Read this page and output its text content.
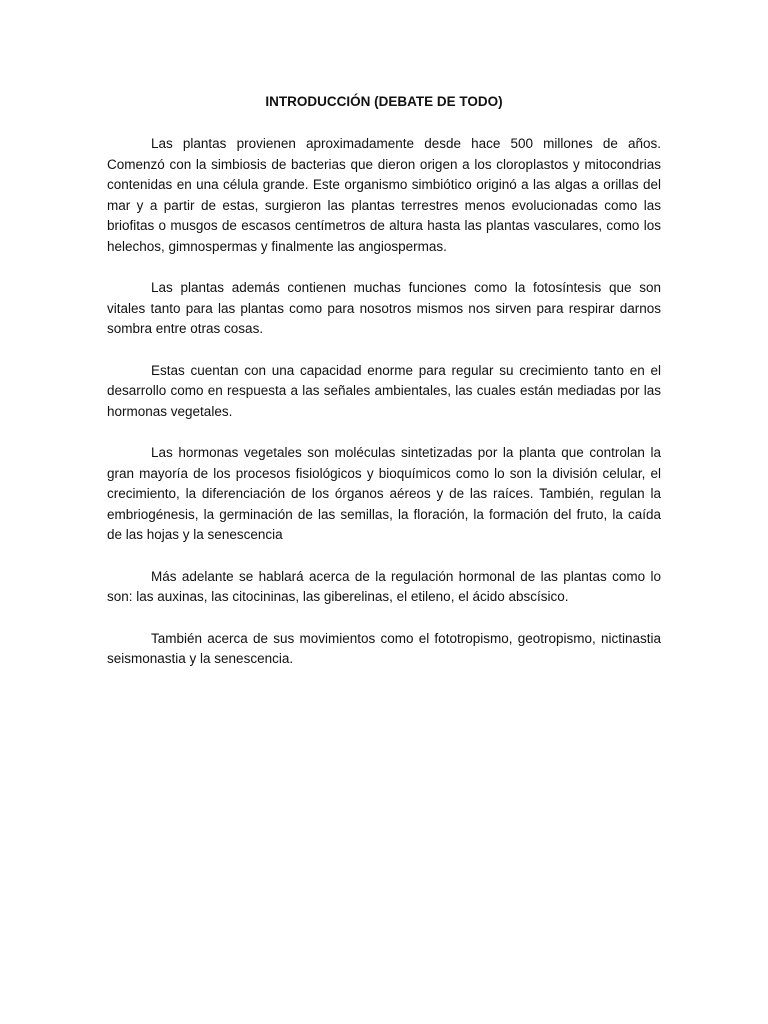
INTRODUCCIÓN (DEBATE DE TODO)

Las plantas provienen aproximadamente desde hace 500 millones de años. Comenzó con la simbiosis de bacterias que dieron origen a los cloroplastos y mitocondrias contenidas en una célula grande. Este organismo simbiótico originó a las algas a orillas del mar y a partir de estas, surgieron las plantas terrestres menos evolucionadas como las briofitas o musgos de escasos centímetros de altura hasta las plantas vasculares, como los helechos, gimnospermas y finalmente las angiospermas.

Las plantas además contienen muchas funciones como la fotosíntesis que son vitales tanto para las plantas como para nosotros mismos nos sirven para respirar darnos sombra entre otras cosas.

Estas cuentan con una capacidad enorme para regular su crecimiento tanto en el desarrollo como en respuesta a las señales ambientales, las cuales están mediadas por las hormonas vegetales.

Las hormonas vegetales son moléculas sintetizadas por la planta que controlan la gran mayoría de los procesos fisiológicos y bioquímicos como lo son la división celular, el crecimiento, la diferenciación de los órganos aéreos y de las raíces. También, regulan la embriogénesis, la germinación de las semillas, la floración, la formación del fruto, la caída de las hojas y la senescencia

Más adelante se hablará acerca de la regulación hormonal de las plantas como lo son: las auxinas, las citocininas, las giberelinas, el etileno, el ácido abscísico.

También acerca de sus movimientos como el fototropismo, geotropismo, nictinastia seismonastia y la senescencia.
